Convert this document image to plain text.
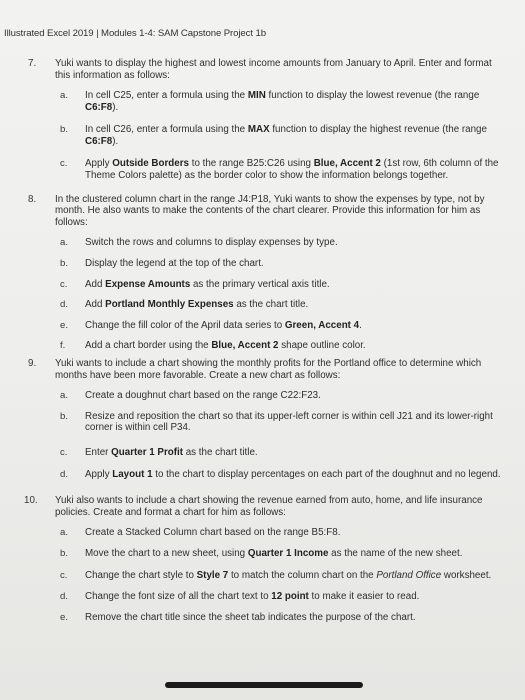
Illustrated Excel 2019 | Modules 1-4: SAM Capstone Project 1b
7.	Yuki wants to display the highest and lowest income amounts from January to April. Enter and format this information as follows:
a. In cell C25, enter a formula using the MIN function to display the lowest revenue (the range C6:F8).
b. In cell C26, enter a formula using the MAX function to display the highest revenue (the range C6:F8).
c. Apply Outside Borders to the range B25:C26 using Blue, Accent 2 (1st row, 6th column of the Theme Colors palette) as the border color to show the information belongs together.
8.	In the clustered column chart in the range J4:P18, Yuki wants to show the expenses by type, not by month. He also wants to make the contents of the chart clearer. Provide this information for him as follows:
a. Switch the rows and columns to display expenses by type.
b. Display the legend at the top of the chart.
c. Add Expense Amounts as the primary vertical axis title.
d. Add Portland Monthly Expenses as the chart title.
e. Change the fill color of the April data series to Green, Accent 4.
f. Add a chart border using the Blue, Accent 2 shape outline color.
9.	Yuki wants to include a chart showing the monthly profits for the Portland office to determine which months have been more favorable. Create a new chart as follows:
a. Create a doughnut chart based on the range C22:F23.
b. Resize and reposition the chart so that its upper-left corner is within cell J21 and its lower-right corner is within cell P34.
c. Enter Quarter 1 Profit as the chart title.
d. Apply Layout 1 to the chart to display percentages on each part of the doughnut and no legend.
10. Yuki also wants to include a chart showing the revenue earned from auto, home, and life insurance policies. Create and format a chart for him as follows:
a. Create a Stacked Column chart based on the range B5:F8.
b. Move the chart to a new sheet, using Quarter 1 Income as the name of the new sheet.
c. Change the chart style to Style 7 to match the column chart on the Portland Office worksheet.
d. Change the font size of all the chart text to 12 point to make it easier to read.
e. Remove the chart title since the sheet tab indicates the purpose of the chart.
